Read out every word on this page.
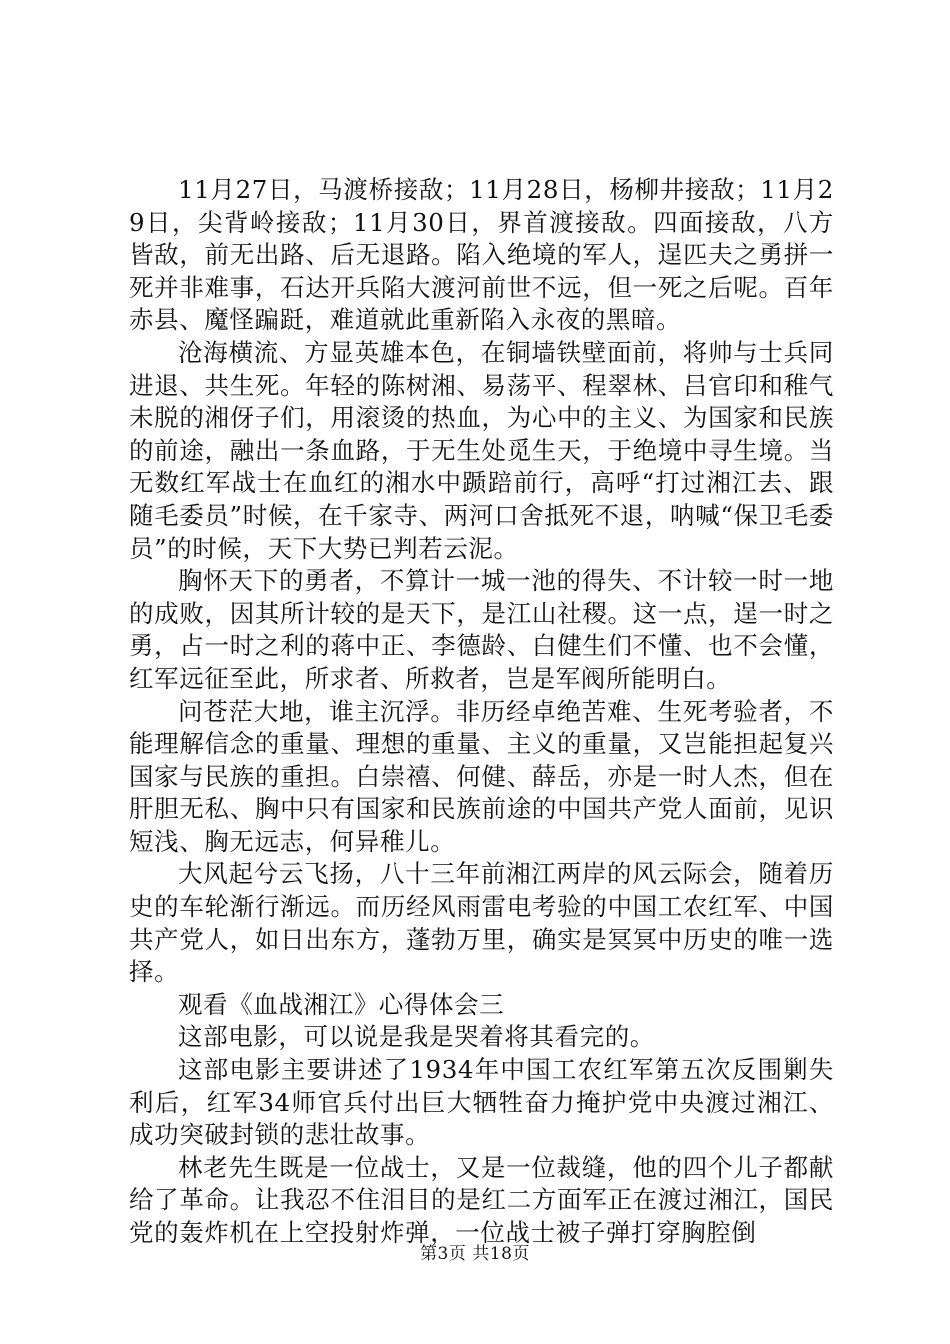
11月27日，马渡桥接敌；11月28日，杨柳井接敌；11月29日，尖背岭接敌；11月30日，界首渡接敌。四面接敌，八方皆敌，前无出路、后无退路。陷入绝境的军人，逞匹夫之勇拼一死并非难事，石达开兵陷大渡河前世不远，但一死之后呢。百年赤县、魔怪蹁跹，难道就此重新陷入永夜的黑暗。

沧海横流、方显英雄本色，在铜墙铁壁面前，将帅与士兵同进退、共生死。年轻的陈树湘、易荡平、程翠林、吕官印和稚气未脱的湘伢子们，用滚烫的热血，为心中的主义、为国家和民族的前途，融出一条血路，于无生处觅生天，于绝境中寻生境。当无数红军战士在血红的湘水中踬踣前行，高呼“打过湘江去、跟随毛委员”时候，在千家寺、两河口舍抵死不退，呐喊“保卫毛委员”的时候，天下大势已判若云泥。

胸怀天下的勇者，不算计一城一池的得失、不计较一时一地的成败，因其所计较的是天下，是江山社稷。这一点，逞一时之勇，占一时之利的蒋中正、李德龄、白健生们不懂、也不会懂，红军远征至此，所求者、所救者，岂是军阀所能明白。

问苍茫大地，谁主沉浮。非历经卓绝苦难、生死考验者，不能理解信念的重量、理想的重量、主义的重量，又岂能担起复兴国家与民族的重担。白崇禧、何健、薛岳，亦是一时人杰，但在肝胆无私、胸中只有国家和民族前途的中国共产党人面前，见识短浅、胸无远志，何异稚儿。

大风起兮云飞扬，八十三年前湘江两岸的风云际会，随着历史的车轮渐行渐远。而历经风雨雷电考验的中国工农红军、中国共产党人，如日出东方，蓬勃万里，确实是冥冥中历史的唯一选择。

观看《血战湘江》心得体会三

这部电影，可以说是我是哭着将其看完的。

这部电影主要讲述了1934年中国工农红军第五次反围剿失利后，红军34师官兵付出巨大牺牲奋力掩护党中央渡过湘江、成功突破封锁的悲壮故事。

林老先生既是一位战士，又是一位裁缝，他的四个儿子都献给了革命。让我忍不住泪目的是红二方面军正在渡过湘江，国民党的轰炸机在上空投射炸弹，一位战士被子弹打穿胸腔倒

第3页 共18页
